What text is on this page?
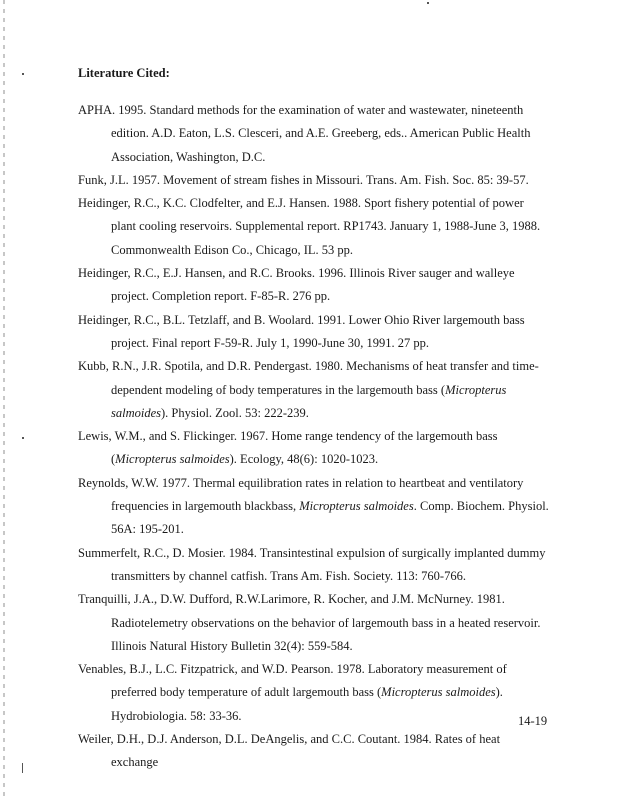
Literature Cited:
APHA. 1995. Standard methods for the examination of water and wastewater, nineteenth edition. A.D. Eaton, L.S. Clesceri, and A.E. Greeberg, eds.. American Public Health Association, Washington, D.C.
Funk, J.L. 1957. Movement of stream fishes in Missouri. Trans. Am. Fish. Soc. 85: 39-57.
Heidinger, R.C., K.C. Clodfelter, and E.J. Hansen. 1988. Sport fishery potential of power plant cooling reservoirs. Supplemental report. RP1743. January 1, 1988-June 3, 1988. Commonwealth Edison Co., Chicago, IL. 53 pp.
Heidinger, R.C., E.J. Hansen, and R.C. Brooks. 1996. Illinois River sauger and walleye project. Completion report. F-85-R. 276 pp.
Heidinger, R.C., B.L. Tetzlaff, and B. Woolard. 1991. Lower Ohio River largemouth bass project. Final report F-59-R. July 1, 1990-June 30, 1991. 27 pp.
Kubb, R.N., J.R. Spotila, and D.R. Pendergast. 1980. Mechanisms of heat transfer and time-dependent modeling of body temperatures in the largemouth bass (Micropterus salmoides). Physiol. Zool. 53: 222-239.
Lewis, W.M., and S. Flickinger. 1967. Home range tendency of the largemouth bass (Micropterus salmoides). Ecology, 48(6): 1020-1023.
Reynolds, W.W. 1977. Thermal equilibration rates in relation to heartbeat and ventilatory frequencies in largemouth blackbass, Micropterus salmoides. Comp. Biochem. Physiol. 56A: 195-201.
Summerfelt, R.C., D. Mosier. 1984. Transintestinal expulsion of surgically implanted dummy transmitters by channel catfish. Trans Am. Fish. Society. 113: 760-766.
Tranquilli, J.A., D.W. Dufford, R.W.Larimore, R. Kocher, and J.M. McNurney. 1981. Radiotelemetry observations on the behavior of largemouth bass in a heated reservoir. Illinois Natural History Bulletin 32(4): 559-584.
Venables, B.J., L.C. Fitzpatrick, and W.D. Pearson. 1978. Laboratory measurement of preferred body temperature of adult largemouth bass (Micropterus salmoides). Hydrobiologia. 58: 33-36.
Weiler, D.H., D.J. Anderson, D.L. DeAngelis, and C.C. Coutant. 1984. Rates of heat exchange
14-19
